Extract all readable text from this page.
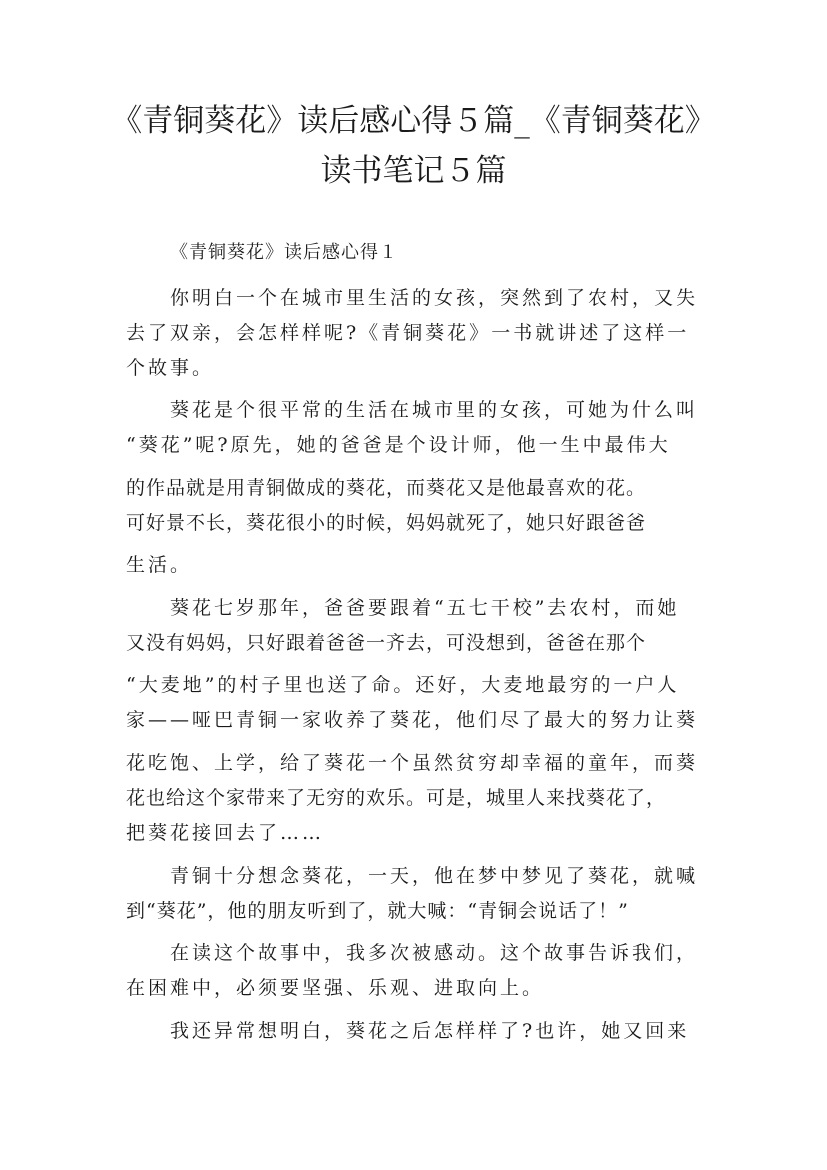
《青铜葵花》读后感心得５篇_《青铜葵花》
读书笔记５篇
《青铜葵花》读后感心得１
你明白一个在城市里生活的女孩，突然到了农村，又失
去了双亲，会怎样样呢?《青铜葵花》一书就讲述了这样一
个故事。
葵花是个很平常的生活在城市里的女孩，可她为什么叫
“葵花”呢?原先，她的爸爸是个设计师，他一生中最伟大
的作品就是用青铜做成的葵花，而葵花又是他最喜欢的花。
可好景不长，葵花很小的时候，妈妈就死了，她只好跟爸爸
生活。
葵花七岁那年，爸爸要跟着“五七干校”去农村，而她
又没有妈妈，只好跟着爸爸一齐去，可没想到，爸爸在那个
“大麦地”的村子里也送了命。还好，大麦地最穷的一户人
家——哑巴青铜一家收养了葵花，他们尽了最大的努力让葵
花吃饱、上学，给了葵花一个虽然贫穷却幸福的童年，而葵
花也给这个家带来了无穷的欢乐。可是，城里人来找葵花了，
把葵花接回去了……
青铜十分想念葵花，一天，他在梦中梦见了葵花，就喊
到“葵花”，他的朋友听到了，就大喊：“青铜会说话了！”
在读这个故事中，我多次被感动。这个故事告诉我们，
在困难中，必须要坚强、乐观、进取向上。
我还异常想明白，葵花之后怎样样了?也许，她又回来
